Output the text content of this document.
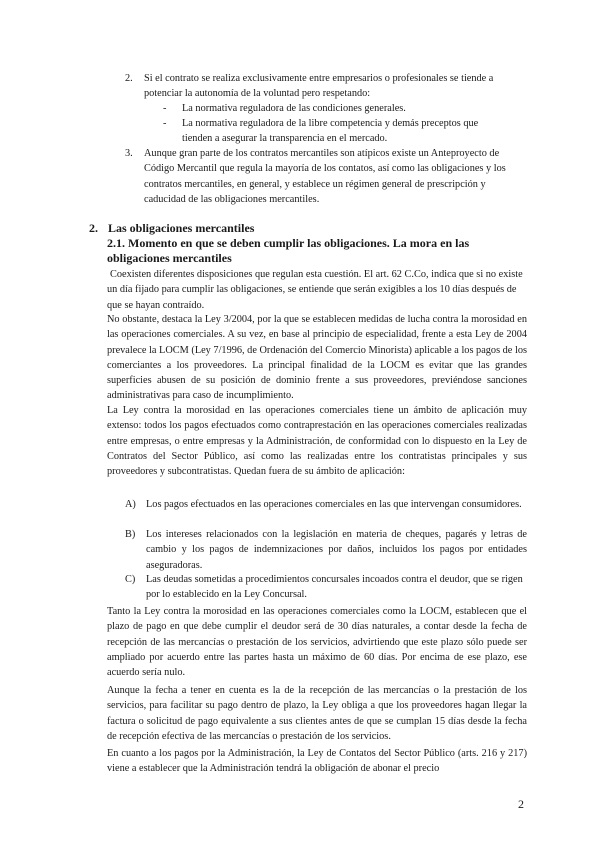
2. Si el contrato se realiza exclusivamente entre empresarios o profesionales se tiende a potenciar la autonomía de la voluntad pero respetando:

- La normativa reguladora de las condiciones generales.

- La normativa reguladora de la libre competencia y demás preceptos que tienden a asegurar la transparencia en el mercado.

3. Aunque gran parte de los contratos mercantiles son atípicos existe un Anteproyecto de Código Mercantil que regula la mayoría de los contatos, así como las obligaciones y los contratos mercantiles, en general, y establece un régimen general de prescripción y caducidad de las obligaciones mercantiles.

2. Las obligaciones mercantiles
2.1. Momento en que se deben cumplir las obligaciones. La mora en las obligaciones mercantiles

Coexisten diferentes disposiciones que regulan esta cuestión. El art. 62 C.Co, indica que si no existe un día fijado para cumplir las obligaciones, se entiende que serán exigibles a los 10 días después de que se hayan contraído.

No obstante, destaca la Ley 3/2004, por la que se establecen medidas de lucha contra la morosidad en las operaciones comerciales. A su vez, en base al principio de especialidad, frente a esta Ley de 2004 prevalece la LOCM (Ley 7/1996, de Ordenación del Comercio Minorista) aplicable a los pagos de los comerciantes a los proveedores. La principal finalidad de la LOCM es evitar que las grandes superficies abusen de su posición de dominio frente a sus proveedores, previéndose sanciones administrativas para caso de incumplimiento.

La Ley contra la morosidad en las operaciones comerciales tiene un ámbito de aplicación muy extenso: todos los pagos efectuados como contraprestación en las operaciones comerciales realizadas entre empresas, o entre empresas y la Administración, de conformidad con lo dispuesto en la Ley de Contratos del Sector Público, así como las realizadas entre los contratistas principales y sus proveedores y subcontratistas. Quedan fuera de su ámbito de aplicación:

A) Los pagos efectuados en las operaciones comerciales en las que intervengan consumidores.

B) Los intereses relacionados con la legislación en materia de cheques, pagarés y letras de cambio y los pagos de indemnizaciones por daños, incluidos los pagos por entidades aseguradoras.

C) Las deudas sometidas a procedimientos concursales incoados contra el deudor, que se rigen por lo establecido en la Ley Concursal.

Tanto la Ley contra la morosidad en las operaciones comerciales como la LOCM, establecen que el plazo de pago en que debe cumplir el deudor será de 30 días naturales, a contar desde la fecha de recepción de las mercancías o prestación de los servicios, advirtiendo que este plazo sólo puede ser ampliado por acuerdo entre las partes hasta un máximo de 60 días. Por encima de ese plazo, ese acuerdo sería nulo.

Aunque la fecha a tener en cuenta es la de la recepción de las mercancías o la prestación de los servicios, para facilitar su pago dentro de plazo, la Ley obliga a que los proveedores hagan llegar la factura o solicitud de pago equivalente a sus clientes antes de que se cumplan 15 días desde la fecha de recepción efectiva de las mercancías o prestación de los servicios.

En cuanto a los pagos por la Administración, la Ley de Contatos del Sector Público (arts. 216 y 217) viene a establecer que la Administración tendrá la obligación de abonar el precio

2
